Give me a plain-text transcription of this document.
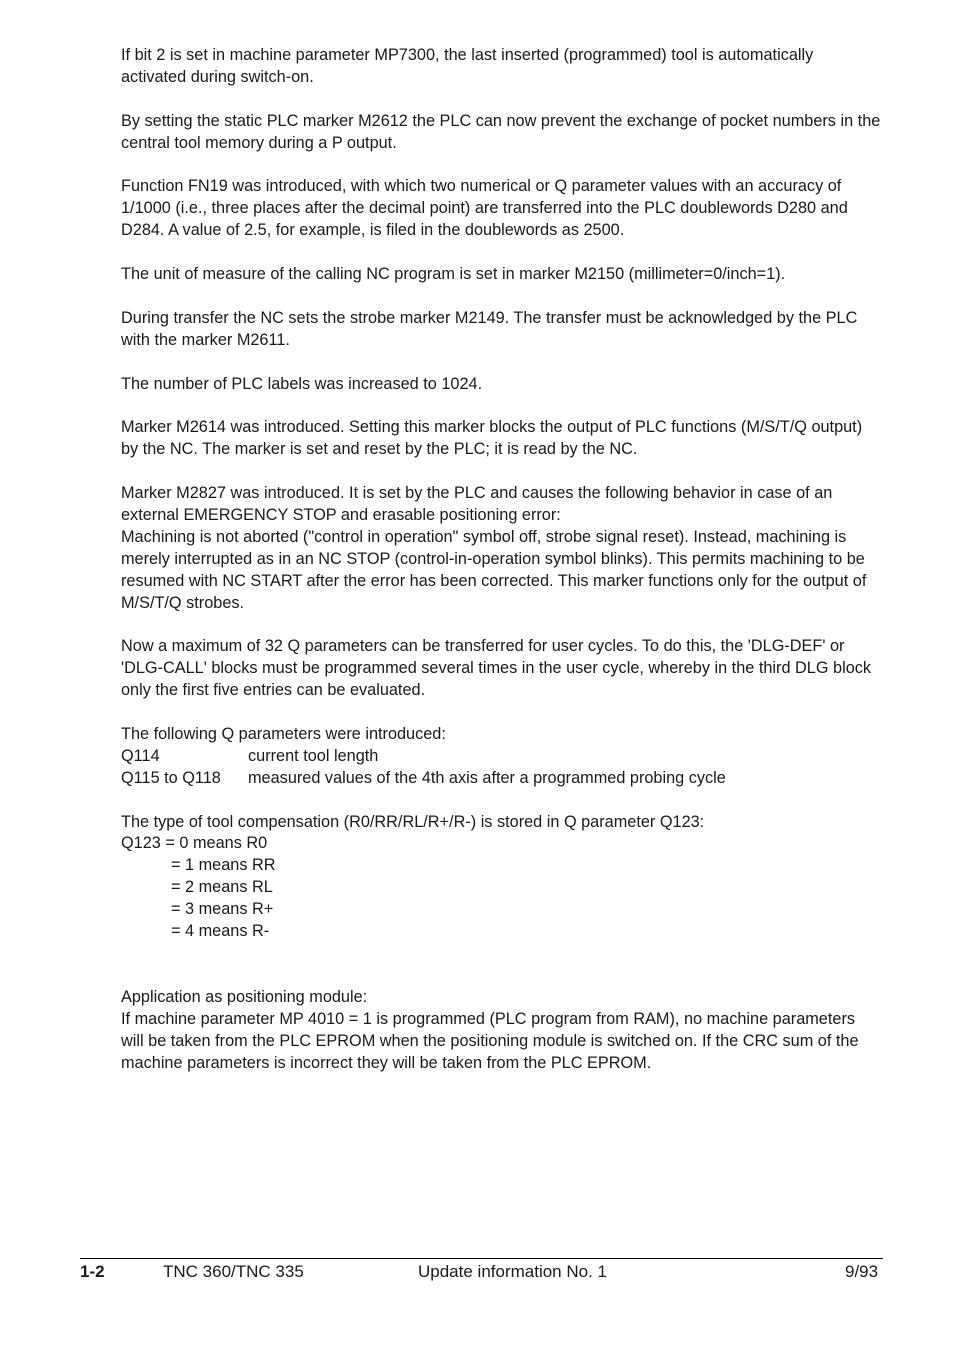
If bit 2 is set in machine parameter MP7300, the last inserted (programmed) tool is automatically activated during switch-on.

By setting the static PLC marker M2612 the PLC can now prevent the exchange of pocket numbers in the central tool memory during a P output.

Function FN19 was introduced, with which two numerical or Q parameter values with an accuracy of 1/1000 (i.e., three places after the decimal point) are transferred into the PLC doublewords D280 and D284. A value of 2.5, for example, is filed in the doublewords as 2500.

The unit of measure of the calling NC program is set in marker M2150 (millimeter=0/inch=1).

During transfer the NC sets the strobe marker M2149. The transfer must be acknowledged by the PLC with the marker M2611.

The number of PLC labels was increased to 1024.

Marker M2614 was introduced. Setting this marker blocks the output of PLC functions (M/S/T/Q output) by the NC. The marker is set and reset by the PLC; it is read by the NC.

Marker M2827 was introduced. It is set by the PLC and causes the following behavior in case of an external EMERGENCY STOP and erasable positioning error:

Machining is not aborted ("control in operation" symbol off, strobe signal reset). Instead, machining is merely interrupted as in an NC STOP (control-in-operation symbol blinks). This permits machining to be resumed with NC START after the error has been corrected. This marker functions only for the output of M/S/T/Q strobes.

Now a maximum of 32 Q parameters can be transferred for user cycles. To do this, the 'DLG-DEF' or 'DLG-CALL' blocks must be programmed several times in the user cycle, whereby in the third DLG block only the first five entries can be evaluated.

The following Q parameters were introduced:
Q114	current tool length
Q115 to Q118	measured values of the 4th axis after a programmed probing cycle
The type of tool compensation (R0/RR/RL/R+/R-) is stored in Q parameter Q123:
Q123 = 0 means R0
= 1 means RR
= 2 means RL
= 3 means R+
= 4 means R-
Application as positioning module:
If machine parameter MP 4010 = 1 is programmed (PLC program from RAM), no machine parameters will be taken from the PLC EPROM when the positioning module is switched on. If the CRC sum of the machine parameters is incorrect they will be taken from the PLC EPROM.
1-2	TNC 360/TNC 335	Update information No. 1	9/93
